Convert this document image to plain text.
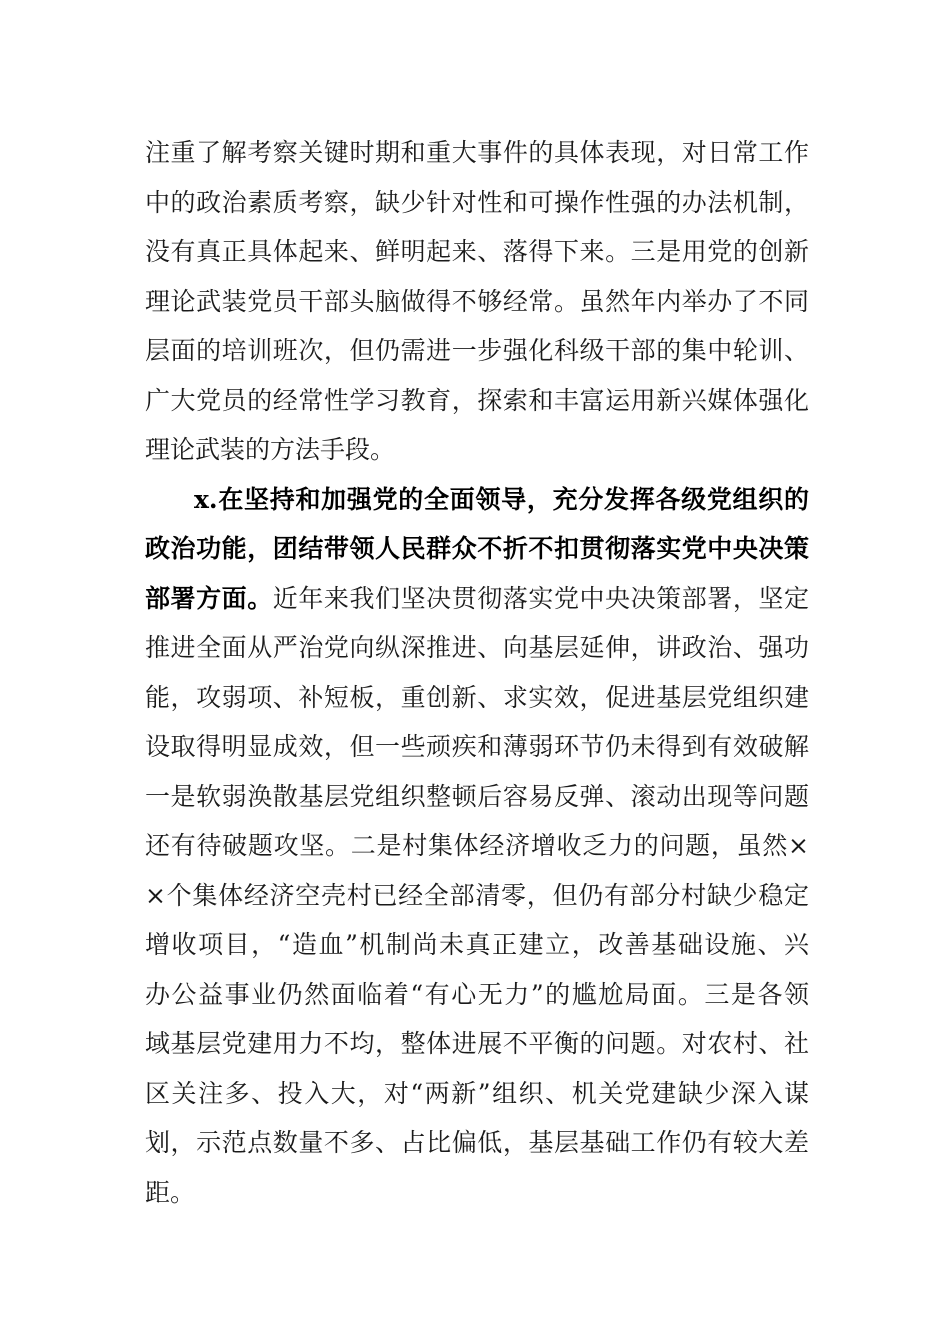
注重了解考察关键时期和重大事件的具体表现，对日常工作
中的政治素质考察，缺少针对性和可操作性强的办法机制，
没有真正具体起来、鲜明起来、落得下来。三是用党的创新
理论武装党员干部头脑做得不够经常。虽然年内举办了不同
层面的培训班次，但仍需进一步强化科级干部的集中轮训、
广大党员的经常性学习教育，探索和丰富运用新兴媒体强化
理论武装的方法手段。
x.在坚持和加强党的全面领导，充分发挥各级党组织的
政治功能，团结带领人民群众不折不扣贯彻落实党中央决策
部署方面。近年来我们坚决贯彻落实党中央决策部署，坚定
推进全面从严治党向纵深推进、向基层延伸，讲政治、强功
能，攻弱项、补短板，重创新、求实效，促进基层党组织建
设取得明显成效，但一些顽疾和薄弱环节仍未得到有效破解
一是软弱涣散基层党组织整顿后容易反弹、滚动出现等问题
还有待破题攻坚。二是村集体经济增收乏力的问题，虽然×
×个集体经济空壳村已经全部清零，但仍有部分村缺少稳定
增收项目，“造血”机制尚未真正建立，改善基础设施、兴
办公益事业仍然面临着“有心无力”的尴尬局面。三是各领
域基层党建用力不均，整体进展不平衡的问题。对农村、社
区关注多、投入大，对“两新”组织、机关党建缺少深入谋
划，示范点数量不多、占比偏低，基层基础工作仍有较大差
距。
